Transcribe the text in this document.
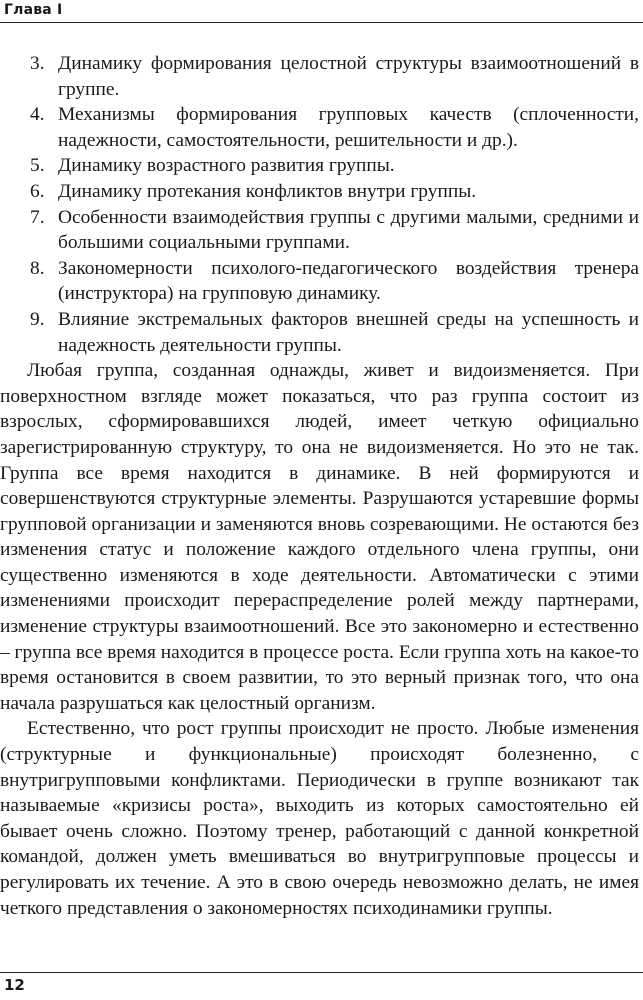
Глава I
3. Динамику формирования целостной структуры взаимоотношений в группе.
4. Механизмы формирования групповых качеств (сплоченности, надежности, самостоятельности, решительности и др.).
5. Динамику возрастного развития группы.
6. Динамику протекания конфликтов внутри группы.
7. Особенности взаимодействия группы с другими малыми, средними и большими социальными группами.
8. Закономерности психолого-педагогического воздействия тренера (инструктора) на групповую динамику.
9. Влияние экстремальных факторов внешней среды на успешность и надежность деятельности группы.

Любая группа, созданная однажды, живет и видоизменяется. При поверхностном взгляде может показаться, что раз группа состоит из взрослых, сформировавшихся людей, имеет четкую официально зарегистрированную структуру, то она не видоизменяется. Но это не так. Группа все время находится в динамике. В ней формируются и совершенствуются структурные элементы. Разрушаются устаревшие формы групповой организации и заменяются вновь созревающими. Не остаются без изменения статус и положение каждого отдельного члена группы, они существенно изменяются в ходе деятельности. Автоматически с этими изменениями происходит перераспределение ролей между партнерами, изменение структуры взаимоотношений. Все это закономерно и естественно – группа все время находится в процессе роста. Если группа хоть на какое-то время остановится в своем развитии, то это верный признак того, что она начала разрушаться как целостный организм.

Естественно, что рост группы происходит не просто. Любые изменения (структурные и функциональные) происходят болезненно, с внутригрупповыми конфликтами. Периодически в группе возникают так называемые «кризисы роста», выходить из которых самостоятельно ей бывает очень сложно. Поэтому тренер, работающий с данной конкретной командой, должен уметь вмешиваться во внутригрупповые процессы и регулировать их течение. А это в свою очередь невозможно делать, не имея четкого представления о закономерностях психодинамики группы.

12
